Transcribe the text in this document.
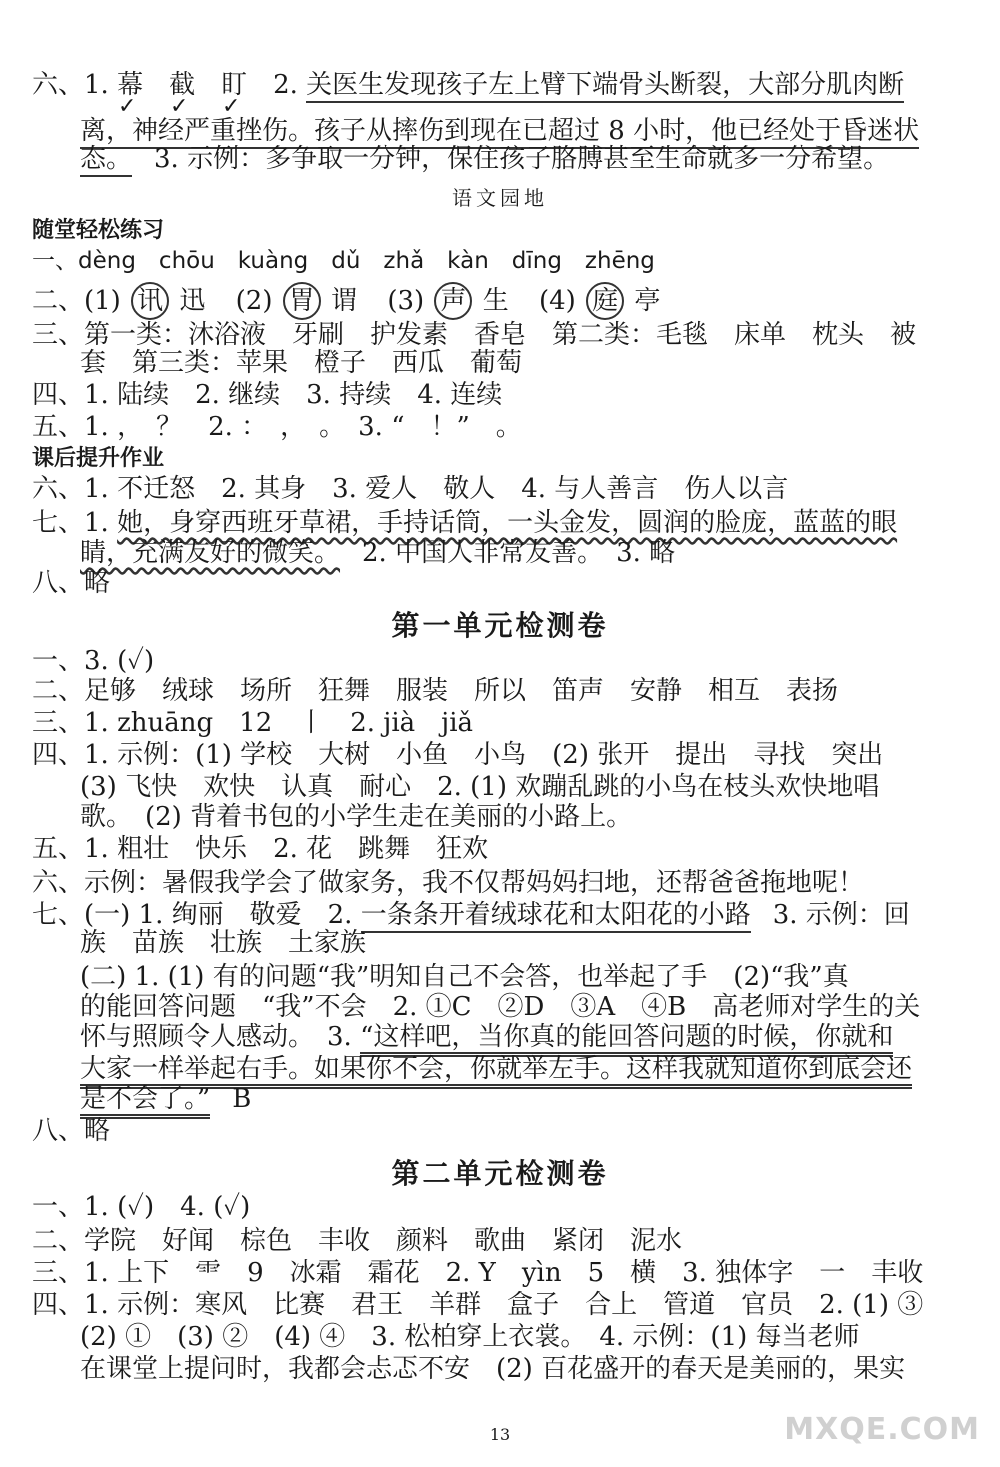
六、1. 幕　截　盯　2. 关医生发现孩子左上臂下端骨头断裂，大部分肌肉断
✓ ✓ ✓
离，神经严重挫伤。孩子从摔伤到现在已超过 8 小时，他已经处于昏迷状
态。 3. 示例：多争取一分钟，保住孩子胳膊甚至生命就多一分希望。
语文园地
随堂轻松练习
一、dèng　chōu　kuàng　dǔ　zhǎ　kàn　dīng　zhēng
二、(1) 讯 迅 (2) 胃 谓 (3) 声 生 (4) 庭 亭
三、第一类：沐浴液　牙刷　护发素　香皂　第二类：毛毯　床单　枕头　被
套　第三类：苹果　橙子　西瓜　葡萄
四、1. 陆续　2. 继续　3. 持续　4. 连续
五、1. ，　？　2. ：　，　。　3. “　！”　。
课后提升作业
六、1. 不迁怒　2. 其身　3. 爱人　敬人　4. 与人善言　伤人以言
七、1. 她，身穿西班牙草裙，手持话筒，一头金发，圆润的脸庞，蓝蓝的眼
睛，充满友好的微笑。 2. 中国人非常友善。　3. 略
八、略
第一单元检测卷
一、3. (✓)
二、足够　绒球　场所　狂舞　服装　所以　笛声　安静　相互　表扬
三、1. zhuāng　12　丨　2. jià　jiǎ
四、1. 示例：(1) 学校　大树　小鱼　小鸟　(2) 张开　提出　寻找　突出
(3) 飞快　欢快　认真　耐心　2. (1) 欢蹦乱跳的小鸟在枝头欢快地唱
歌。　(2) 背着书包的小学生走在美丽的小路上。
五、1. 粗壮　快乐　2. 花　跳舞　狂欢
六、示例：暑假我学会了做家务，我不仅帮妈妈扫地，还帮爸爸拖地呢！
七、(一) 1. 绚丽　敬爱　2. 一条条开着绒球花和太阳花的小路 3. 示例：回
族　苗族　壮族　土家族
(二) 1. (1) 有的问题“我”明知自己不会答，也举起了手　(2)“我”真
的能回答问题　“我”不会　2. ①C　②D　③A　④B　高老师对学生的关
怀与照顾令人感动。　3. “这样吧，当你真的能回答问题的时候，你就和
大家一样举起右手。如果你不会，你就举左手。这样我就知道你到底会还
是不会了。” B
八、略
第二单元检测卷
一、1. (✓)　4. (✓)
二、学院　好闻　棕色　丰收　颜料　歌曲　紧闭　泥水
三、1. 上下　⻗　9　冰霜　霜花　2. Y　yìn　5　横　3. 独体字　一　丰收
四、1. 示例：寒风　比赛　君王　羊群　盒子　合上　管道　官员　2. (1) ③
(2) ①　(3) ②　(4) ④　3. 松柏穿上衣裳。　4. 示例：(1) 每当老师
在课堂上提问时，我都会忐忑不安　(2) 百花盛开的春天是美丽的，果实
13	MXQE.COM
